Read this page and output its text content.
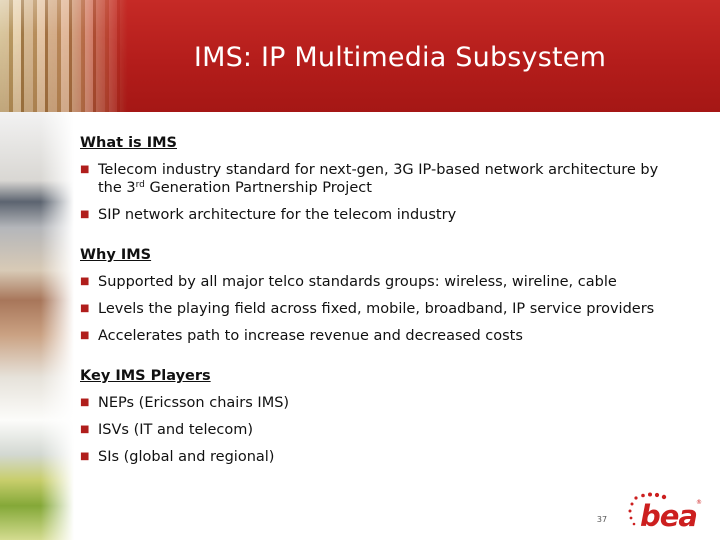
IMS: IP Multimedia Subsystem
What is IMS
■ Telecom industry standard for next-gen, 3G IP-based network architecture by the 3rd Generation Partnership Project
■ SIP network architecture for the telecom industry
Why IMS
■ Supported by all major telco standards groups: wireless, wireline, cable
■ Levels the playing field across fixed, mobile, broadband, IP service providers
■ Accelerates path to increase revenue and decreased costs
Key IMS Players
■ NEPs (Ericsson chairs IMS)
■ ISVs (IT and telecom)
■ SIs (global and regional)
37 bea ®
